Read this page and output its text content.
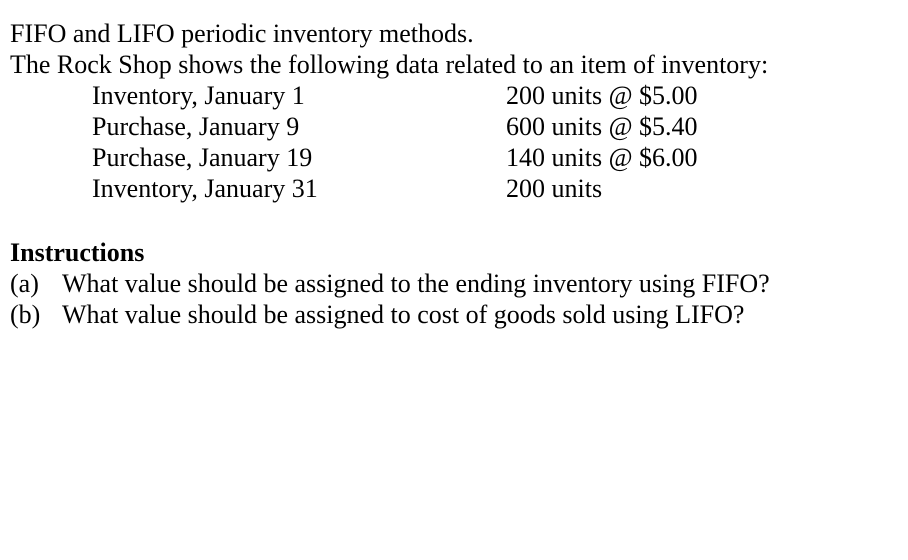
FIFO and LIFO periodic inventory methods.
The Rock Shop shows the following data related to an item of inventory:
Inventory, January 1	200 units @ $5.00
Purchase, January 9	600 units @ $5.40
Purchase, January 19	140 units @ $6.00
Inventory, January 31	200 units
Instructions
(a) What value should be assigned to the ending inventory using FIFO?
(b) What value should be assigned to cost of goods sold using LIFO?
